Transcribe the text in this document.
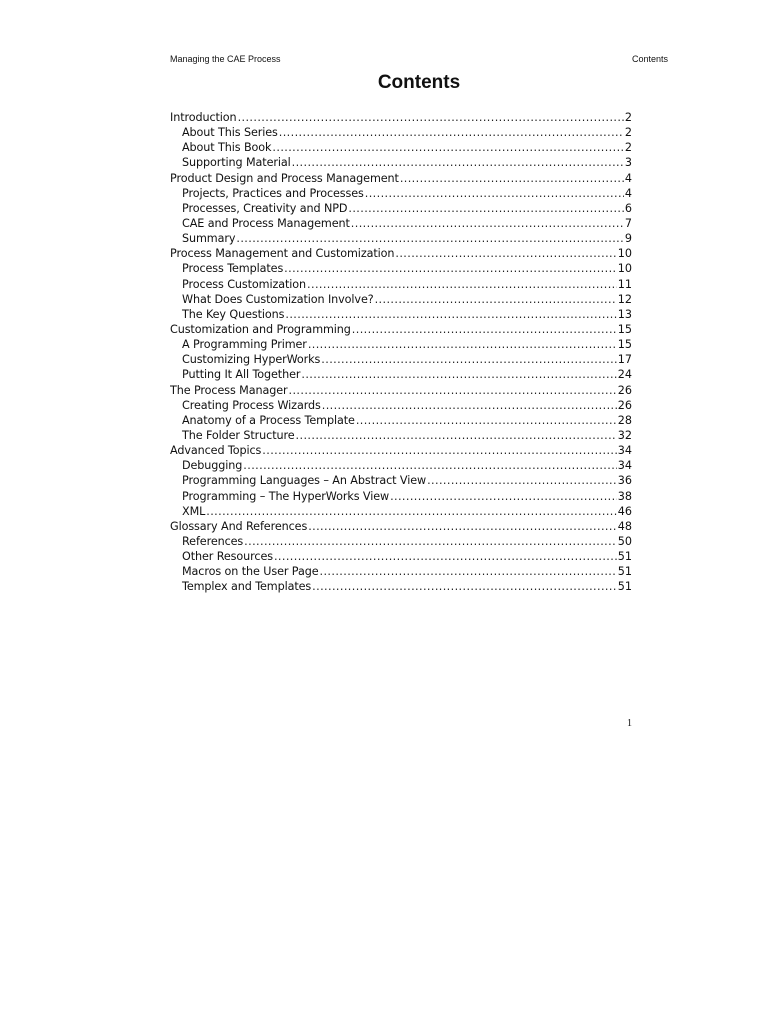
Managing the CAE Process	Contents
Contents
Introduction .....	2
About This Series .....	2
About This Book .....	2
Supporting Material .....	3
Product Design and Process Management .....	4
Projects, Practices and Processes .....	4
Processes, Creativity and NPD .....	6
CAE and Process Management .....	7
Summary .....	9
Process Management and Customization .....	10
Process Templates .....	10
Process Customization .....	11
What Does Customization Involve? .....	12
The Key Questions .....	13
Customization and Programming .....	15
A Programming Primer .....	15
Customizing HyperWorks .....	17
Putting It All Together .....	24
The Process Manager .....	26
Creating Process Wizards .....	26
Anatomy of a Process Template .....	28
The Folder Structure .....	32
Advanced Topics .....	34
Debugging .....	34
Programming Languages – An Abstract View .....	36
Programming – The HyperWorks View .....	38
XML .....	46
Glossary And References .....	48
References .....	50
Other Resources .....	51
Macros on the User Page .....	51
Templex and Templates .....	51
1
